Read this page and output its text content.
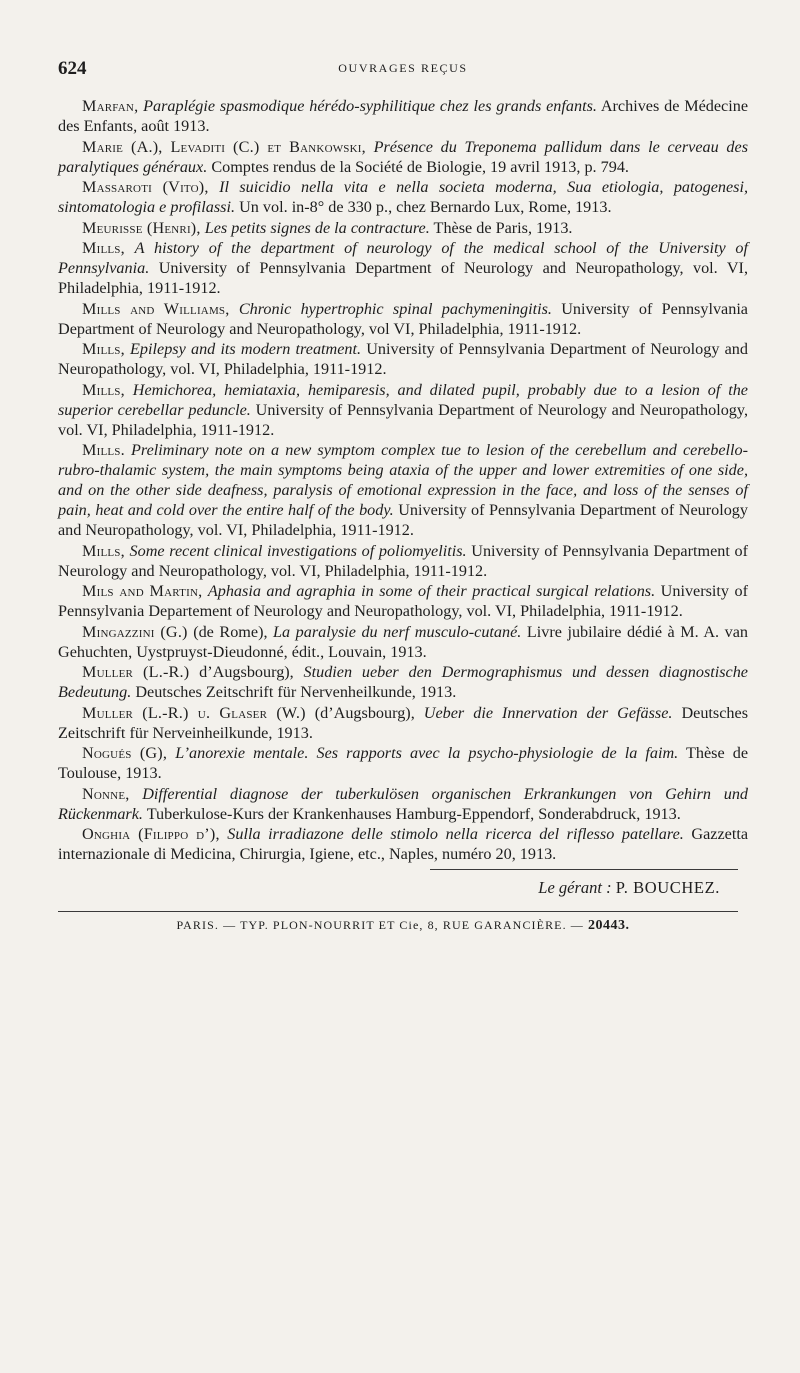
624	OUVRAGES REÇUS

Marfan, Paraplégie spasmodique hérédo-syphilitique chez les grands enfants. Archives de Médecine des Enfants, août 1913.

Marie (A.), Levaditi (C.) et Bankowski, Présence du Treponema pallidum dans le cerveau des paralytiques généraux. Comptes rendus de la Société de Biologie, 19 avril 1913, p. 794.

Massaroti (Vito), Il suicidio nella vita e nella societa moderna, Sua etiologia, patogenesi, sintomatologia e profilassi. Un vol. in-8° de 330 p., chez Bernardo Lux, Rome, 1913.

Meurisse (Henri), Les petits signes de la contracture. Thèse de Paris, 1913.

Mills, A history of the department of neurology of the medical school of the University of Pennsylvania. University of Pennsylvania Department of Neurology and Neuropathology, vol. VI, Philadelphia, 1911-1912.

Mills and Williams, Chronic hypertrophic spinal pachymeningitis. University of Pennsylvania Department of Neurology and Neuropathology, vol VI, Philadelphia, 1911-1912.

Mills, Epilepsy and its modern treatment. University of Pennsylvania Department of Neurology and Neuropathology, vol. VI, Philadelphia, 1911-1912.

Mills, Hemichorea, hemiataxia, hemiparesis, and dilated pupil, probably due to a lesion of the superior cerebellar peduncle. University of Pennsylvania Department of Neurology and Neuropathology, vol. VI, Philadelphia, 1911-1912.

Mills. Preliminary note on a new symptom complex tue to lesion of the cerebellum and cerebello-rubro-thalamic system, the main symptoms being ataxia of the upper and lower extremities of one side, and on the other side deafness, paralysis of emotional expression in the face, and loss of the senses of pain, heat and cold over the entire half of the body. University of Pennsylvania Department of Neurology and Neuropathology, vol. VI, Philadelphia, 1911-1912.

Mills, Some recent clinical investigations of poliomyelitis. University of Pennsylvania Department of Neurology and Neuropathology, vol. VI, Philadelphia, 1911-1912.

Mils and Martin, Aphasia and agraphia in some of their practical surgical relations. University of Pennsylvania Departement of Neurology and Neuropathology, vol. VI, Philadelphia, 1911-1912.

Mingazzini (G.) (de Rome), La paralysie du nerf musculo-cutané. Livre jubilaire dédié à M. A. van Gehuchten, Uystpruyst-Dieudonné, édit., Louvain, 1913.

Muller (L.-R.) d’Augsbourg), Studien ueber den Dermographismus und dessen diagnostische Bedeutung. Deutsches Zeitschrift für Nervenheilkunde, 1913.

Muller (L.-R.) u. Glaser (W.) (d’Augsbourg), Ueber die Innervation der Gefässe. Deutsches Zeitschrift für Nerveinheilkunde, 1913.

Nogués (G), L’anorexie mentale. Ses rapports avec la psycho-physiologie de la faim. Thèse de Toulouse, 1913.

Nonne, Differential diagnose der tuberkulösen organischen Erkrankungen von Gehirn und Rückenmark. Tuberkulose-Kurs der Krankenhauses Hamburg-Eppendorf, Sonderabdruck, 1913.

Onghia (Filippo d’), Sulla irradiazone delle stimolo nella ricerca del riflesso patellare. Gazzetta internazionale di Medicina, Chirurgia, Igiene, etc., Naples, numéro 20, 1913.

Le gérant : P. BOUCHEZ.
PARIS. — TYP. PLON-NOURRIT ET Cie, 8, RUE GARANCIÈRE. — 20443.
